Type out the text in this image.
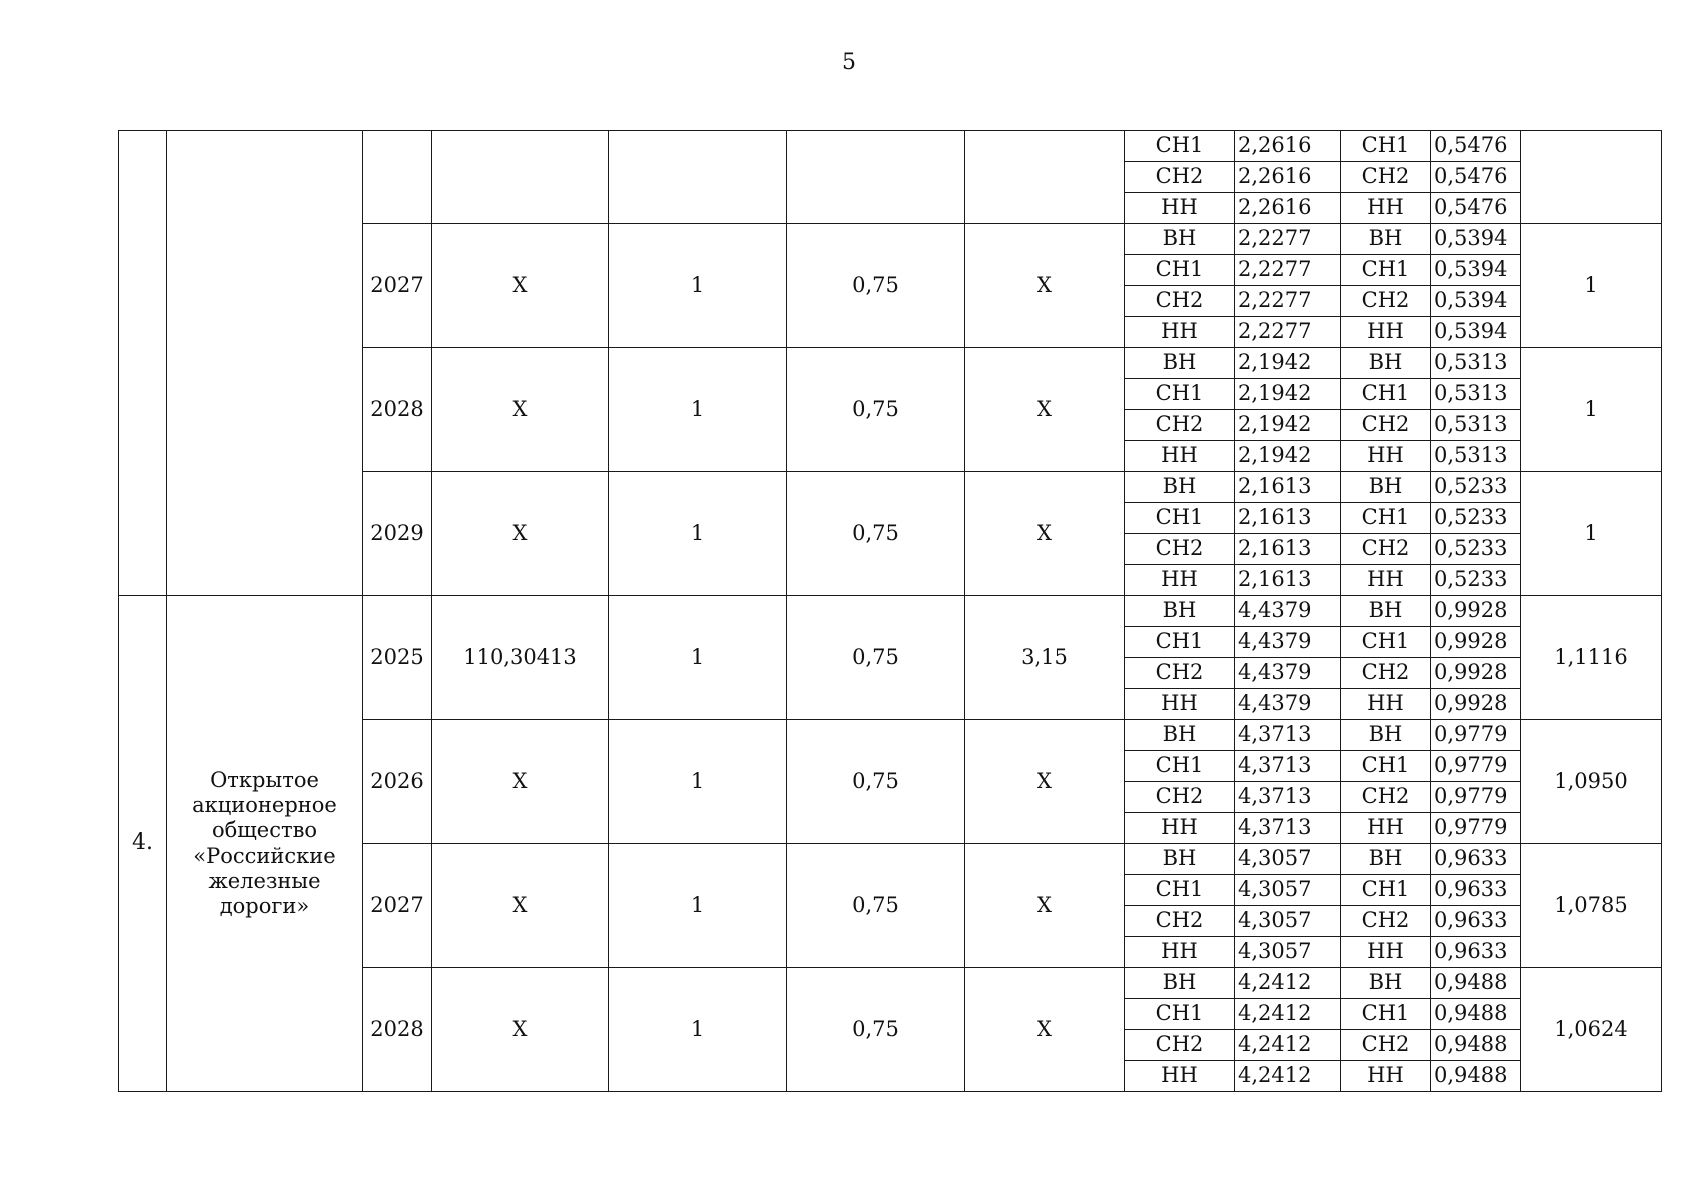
5
							СН1	2,2616	СН1	0,5476	
							СН2	2,2616	СН2	0,5476	
							НН	2,2616	НН	0,5476	
		2027	X	1	0,75	X	ВН	2,2277	ВН	0,5394	1
							СН1	2,2277	СН1	0,5394	
							СН2	2,2277	СН2	0,5394	
							НН	2,2277	НН	0,5394	
		2028	X	1	0,75	X	ВН	2,1942	ВН	0,5313	1
							СН1	2,1942	СН1	0,5313	
							СН2	2,1942	СН2	0,5313	
							НН	2,1942	НН	0,5313	
		2029	X	1	0,75	X	ВН	2,1613	ВН	0,5233	1
							СН1	2,1613	СН1	0,5233	
							СН2	2,1613	СН2	0,5233	
							НН	2,1613	НН	0,5233	
4.	Открытое акционерное общество «Российские железные дороги»	2025	110,30413	1	0,75	3,15	ВН	4,4379	ВН	0,9928	1,1116
							СН1	4,4379	СН1	0,9928	
							СН2	4,4379	СН2	0,9928	
							НН	4,4379	НН	0,9928	
		2026	X	1	0,75	X	ВН	4,3713	ВН	0,9779	1,0950
							СН1	4,3713	СН1	0,9779	
							СН2	4,3713	СН2	0,9779	
							НН	4,3713	НН	0,9779	
		2027	X	1	0,75	X	ВН	4,3057	ВН	0,9633	1,0785
							СН1	4,3057	СН1	0,9633	
							СН2	4,3057	СН2	0,9633	
							НН	4,3057	НН	0,9633	
		2028	X	1	0,75	X	ВН	4,2412	ВН	0,9488	1,0624
							СН1	4,2412	СН1	0,9488	
							СН2	4,2412	СН2	0,9488	
							НН	4,2412	НН	0,9488	
